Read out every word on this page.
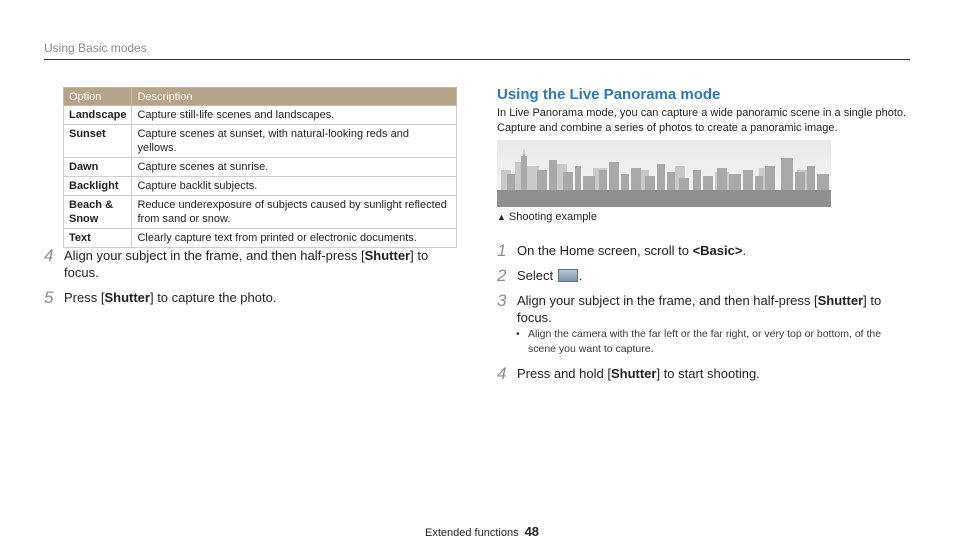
Using Basic modes
Option	Description
Landscape	Capture still-life scenes and landscapes.
Sunset	Capture scenes at sunset, with natural-looking reds and yellows.
Dawn	Capture scenes at sunrise.
Backlight	Capture backlit subjects.
Beach & Snow	Reduce underexposure of subjects caused by sunlight reflected from sand or snow.
Text	Clearly capture text from printed or electronic documents.
4 Align your subject in the frame, and then half-press [Shutter] to focus.
5 Press [Shutter] to capture the photo.
Using the Live Panorama mode
In Live Panorama mode, you can capture a wide panoramic scene in a single photo. Capture and combine a series of photos to create a panoramic image.
▲ Shooting example
1 On the Home screen, scroll to <Basic>.
2 Select .
3 Align your subject in the frame, and then half-press [Shutter] to focus.
• Align the camera with the far left or the far right, or very top or bottom, of the scene you want to capture.
4 Press and hold [Shutter] to start shooting.
Extended functions 48
